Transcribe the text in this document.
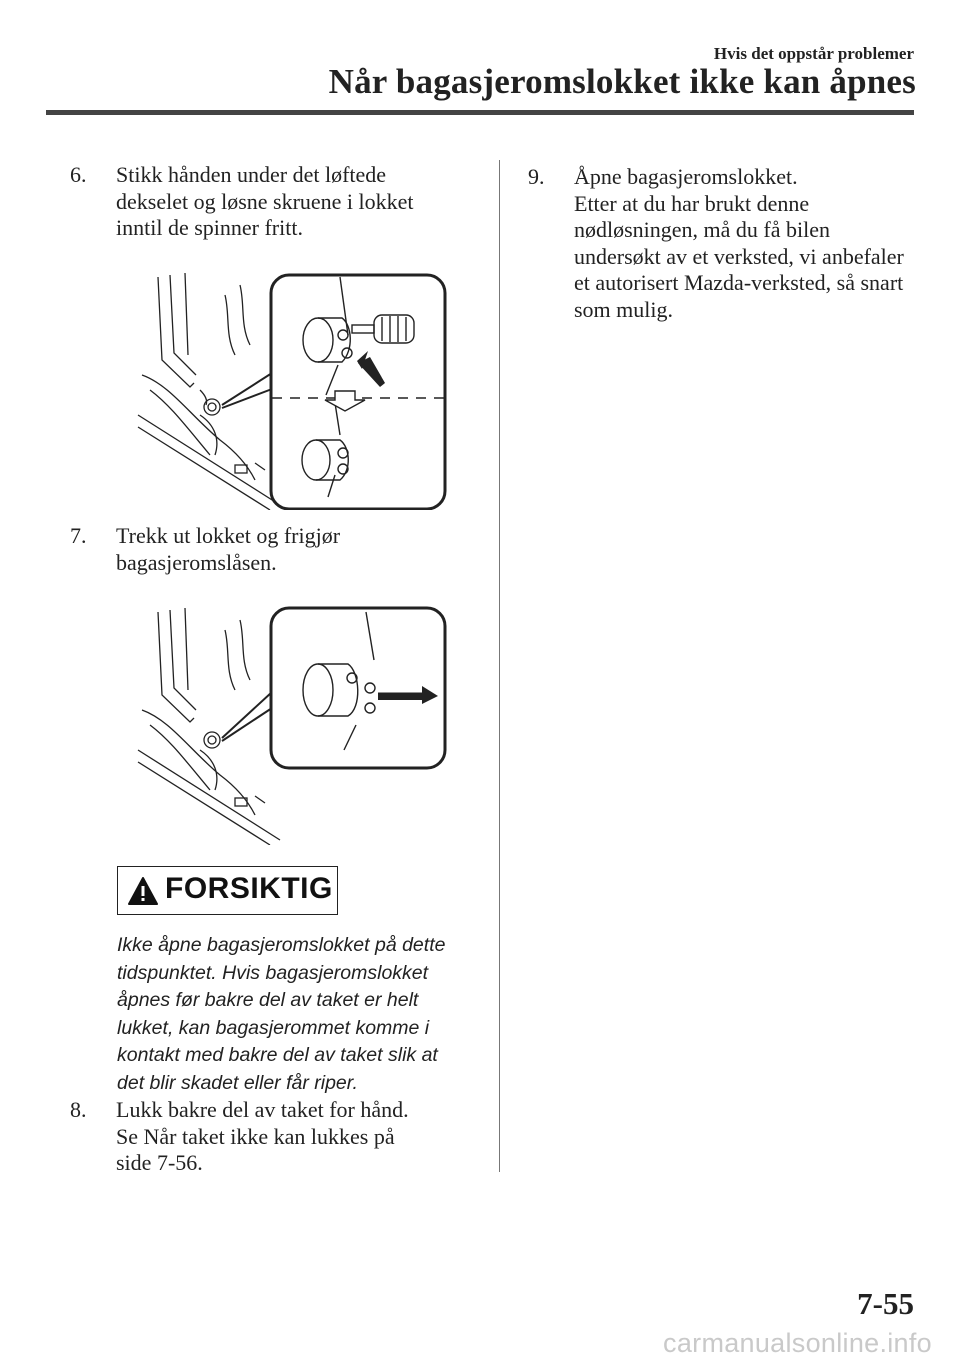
Hvis det oppstår problemer
Når bagasjeromslokket ikke kan åpnes
6. Stikk hånden under det løftede
dekselet og løsne skruene i lokket
inntil de spinner fritt.
7. Trekk ut lokket og frigjør
bagasjeromslåsen.
FORSIKTIG
Ikke åpne bagasjeromslokket på dette
tidspunktet. Hvis bagasjeromslokket
åpnes før bakre del av taket er helt
lukket, kan bagasjerommet komme i
kontakt med bakre del av taket slik at
det blir skadet eller får riper.
8. Lukk bakre del av taket for hånd.
Se Når taket ikke kan lukkes på
side 7-56.
9. Åpne bagasjeromslokket.
Etter at du har brukt denne
nødløsningen, må du få bilen
undersøkt av et verksted, vi anbefaler
et autorisert Mazda-verksted, så snart
som mulig.
7-55
carmanualsonline.info
